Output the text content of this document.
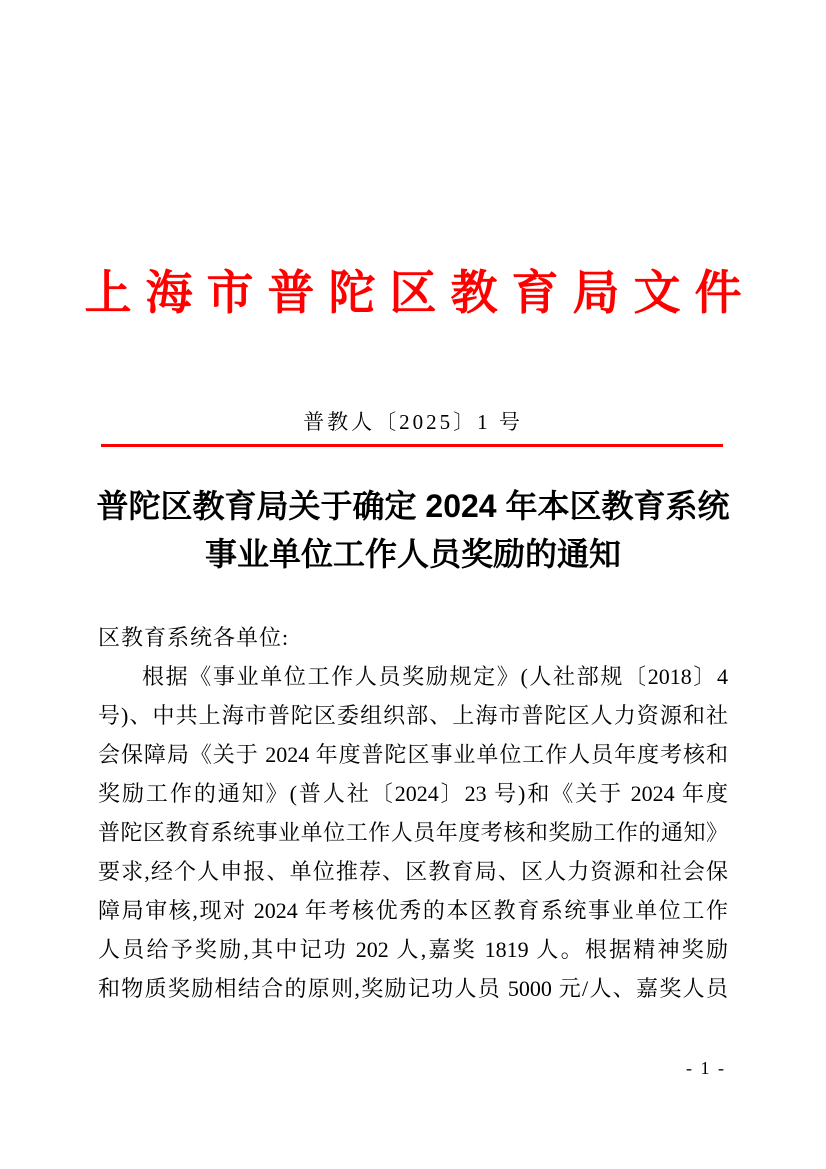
上海市普陀区教育局文件
普教人〔2025〕1 号
普陀区教育局关于确定 2024 年本区教育系统
事业单位工作人员奖励的通知
区教育系统各单位:
根据《事业单位工作人员奖励规定》(人社部规〔2018〕4
号)、中共上海市普陀区委组织部、上海市普陀区人力资源和社
会保障局《关于 2024 年度普陀区事业单位工作人员年度考核和
奖励工作的通知》(普人社〔2024〕23 号)和《关于 2024 年度
普陀区教育系统事业单位工作人员年度考核和奖励工作的通知》
要求,经个人申报、单位推荐、区教育局、区人力资源和社会保
障局审核,现对 2024 年考核优秀的本区教育系统事业单位工作
人员给予奖励,其中记功 202 人,嘉奖 1819 人。根据精神奖励
和物质奖励相结合的原则,奖励记功人员 5000 元/人、嘉奖人员
- 1 -
